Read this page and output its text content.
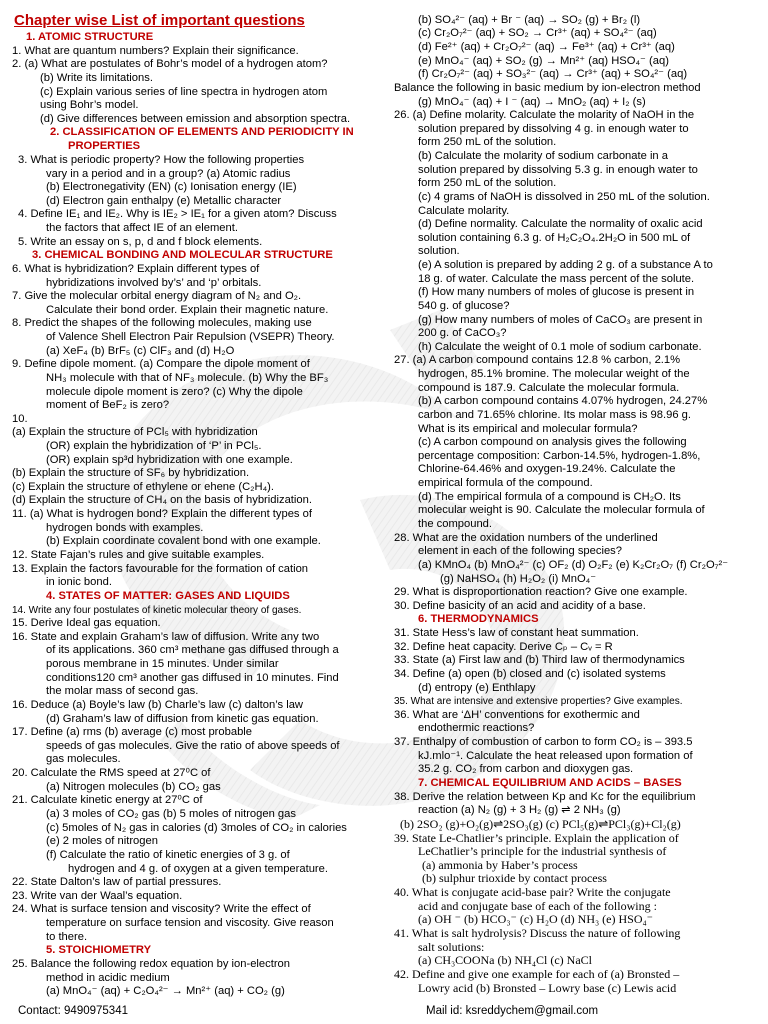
Chapter wise List of important questions
1. ATOMIC STRUCTURE
1. What are quantum numbers? Explain their significance.
2. (a) What are postulates of Bohr’s model of a hydrogen atom?
(b) Write its limitations.
(c) Explain various series of line spectra in hydrogen atom
using Bohr’s model.
(d) Give differences between emission and absorption spectra.
2. CLASSIFICATION OF ELEMENTS AND PERIODICITY IN
PROPERTIES
3. What is periodic property? How the following properties
vary in a period and in a group? (a) Atomic radius
(b) Electronegativity (EN) (c) Ionisation energy (IE)
(d) Electron gain enthalpy (e) Metallic character
4. Define IE₁ and IE₂. Why is IE₂ > IE₁ for a given atom? Discuss
the factors that affect IE of an element.
5. Write an essay on s, p, d and f block elements.
3. CHEMICAL BONDING AND MOLECULAR STRUCTURE
6. What is hybridization? Explain different types of
hybridizations involved by’s’ and ‘p’ orbitals.
7. Give the molecular orbital energy diagram of N₂ and O₂.
Calculate their bond order. Explain their magnetic nature.
8. Predict the shapes of the following molecules, making use
of Valence Shell Electron Pair Repulsion (VSEPR) Theory.
(a) XeF₄ (b) BrF₅ (c) ClF₃ and (d) H₂O
9. Define dipole moment. (a) Compare the dipole moment of
NH₃ molecule with that of NF₃ molecule. (b) Why the BF₃
molecule dipole moment is zero? (c) Why the dipole
moment of BeF₂ is zero?
10.
(a) Explain the structure of PCl₅ with hybridization
(OR) explain the hybridization of ‘P’ in PCl₅.
(OR) explain sp³d hybridization with one example.
(b) Explain the structure of SF₆ by hybridization.
(c) Explain the structure of ethylene or ehene (C₂H₄).
(d) Explain the structure of CH₄ on the basis of hybridization.
11. (a) What is hydrogen bond? Explain the different types of
hydrogen bonds with examples.
(b) Explain coordinate covalent bond with one example.
12. State Fajan’s rules and give suitable examples.
13. Explain the factors favourable for the formation of cation
in ionic bond.
4. STATES OF MATTER: GASES AND LIQUIDS
14. Write any four postulates of kinetic molecular theory of gases.
15. Derive Ideal gas equation.
16. State and explain Graham’s law of diffusion. Write any two
of its applications. 360 cm³ methane gas diffused through a
porous membrane in 15 minutes. Under similar
conditions120 cm³ another gas diffused in 10 minutes. Find
the molar mass of second gas.
16. Deduce (a) Boyle’s law (b) Charle’s law (c) dalton’s law
(d) Graham’s law of diffusion from kinetic gas equation.
17. Define (a) rms (b) average (c) most probable
speeds of gas molecules. Give the ratio of above speeds of
gas molecules.
20. Calculate the RMS speed at 27⁰C of
(a) Nitrogen molecules (b) CO₂ gas
21. Calculate kinetic energy at 27⁰C of
(a) 3 moles of CO₂ gas (b) 5 moles of nitrogen gas
(c) 5moles of N₂ gas in calories (d) 3moles of CO₂ in calories
(e) 2 moles of nitrogen
(f) Calculate the ratio of kinetic energies of 3 g. of
hydrogen and 4 g. of oxygen at a given temperature.
22. State Dalton’s law of partial pressures.
23. Write van der Waal’s equation.
24. What is surface tension and viscosity? Write the effect of
temperature on surface tension and viscosity. Give reason
to there.
5. STOICHIOMETRY
25. Balance the following redox equation by ion-electron
method in acidic medium
(a) MnO₄⁻ (aq) + C₂O₄²⁻ → Mn²⁺ (aq) + CO₂ (g)
(b) SO₄²⁻ (aq) + Br ⁻ (aq) → SO₂ (g) + Br₂ (l)
(c) Cr₂O₇²⁻ (aq) + SO₂ → Cr³⁺ (aq) + SO₄²⁻ (aq)
(d) Fe²⁺ (aq) + Cr₂O₇²⁻ (aq) → Fe³⁺ (aq) + Cr³⁺ (aq)
(e) MnO₄⁻ (aq) + SO₂ (g) → Mn²⁺ (aq) HSO₄⁻ (aq)
(f) Cr₂O₇²⁻ (aq) + SO₃²⁻ (aq) → Cr³⁺ (aq) + SO₄²⁻ (aq)
Balance the following in basic medium by ion-electron method
(g) MnO₄⁻ (aq) + I ⁻ (aq) → MnO₂ (aq) + I₂ (s)
26. (a) Define molarity. Calculate the molarity of NaOH in the
solution prepared by dissolving 4 g. in enough water to
form 250 mL of the solution.
(b) Calculate the molarity of sodium carbonate in a
solution prepared by dissolving 5.3 g. in enough water to
form 250 mL of the solution.
(c) 4 grams of NaOH is dissolved in 250 mL of the solution.
Calculate molarity.
(d) Define normality. Calculate the normality of oxalic acid
solution containing 6.3 g. of H₂C₂O₄.2H₂O in 500 mL of
solution.
(e) A solution is prepared by adding 2 g. of a substance A to
18 g. of water. Calculate the mass percent of the solute.
(f) How many numbers of moles of glucose is present in
540 g. of glucose?
(g) How many numbers of moles of CaCO₃ are present in
200 g. of CaCO₃?
(h) Calculate the weight of 0.1 mole of sodium carbonate.
27. (a) A carbon compound contains 12.8 % carbon, 2.1%
hydrogen, 85.1% bromine. The molecular weight of the
compound is 187.9. Calculate the molecular formula.
(b) A carbon compound contains 4.07% hydrogen, 24.27%
carbon and 71.65% chlorine. Its molar mass is 98.96 g.
What is its empirical and molecular formula?
(c) A carbon compound on analysis gives the following
percentage composition: Carbon-14.5%, hydrogen-1.8%,
Chlorine-64.46% and oxygen-19.24%. Calculate the
empirical formula of the compound.
(d) The empirical formula of a compound is CH₂O. Its
molecular weight is 90. Calculate the molecular formula of
the compound.
28. What are the oxidation numbers of the underlined
element in each of the following species?
(a) KMnO₄ (b) MnO₄²⁻ (c) OF₂ (d) O₂F₂ (e) K₂Cr₂O₇ (f) Cr₂O₇²⁻
(g) NaHSO₄ (h) H₂O₂ (i) MnO₄⁻
29. What is disproportionation reaction? Give one example.
30. Define basicity of an acid and acidity of a base.
6. THERMODYNAMICS
31. State Hess’s law of constant heat summation.
32. Define heat capacity. Derive Cₚ – Cᵥ = R
33. State (a) First law and (b) Third law of thermodynamics
34. Define (a) open (b) closed and (c) isolated systems
(d) entropy (e) Enthlapy
35. What are intensive and extensive properties? Give examples.
36. What are ‘ΔH’ conventions for exothermic and
endothermic reactions?
37. Enthalpy of combustion of carbon to form CO₂ is – 393.5
kJ.mlo⁻¹. Calculate the heat released upon formation of
35.2 g. CO₂ from carbon and dioxygen gas.
7. CHEMICAL EQUILIBRIUM AND ACIDS – BASES
38. Derive the relation between Kp and Kc for the equilibrium
reaction (a) N₂ (g) + 3 H₂ (g) ⇌ 2 NH₃ (g)
(b) 2SO₂ (g)+O₂(g)⇌2SO₃(g) (c) PCl₅(g)⇌PCl₃(g)+Cl₂(g)
39. State Le-Chatlier’s principle. Explain the application of
LeChatlier’s principle for the industrial synthesis of
(a) ammonia by Haber’s process
(b) sulphur trioxide by contact process
40. What is conjugate acid-base pair? Write the conjugate
acid and conjugate base of each of the following :
(a) OH ⁻ (b) HCO₃⁻ (c) H₂O (d) NH₃ (e) HSO₄⁻
41. What is salt hydrolysis? Discuss the nature of following
salt solutions:
(a) CH₃COONa (b) NH₄Cl (c) NaCl
42. Define and give one example for each of (a) Bronsted –
Lowry acid (b) Bronsted – Lowry base (c) Lewis acid
Contact: 9490975341	Mail id: ksreddychem@gmail.com
